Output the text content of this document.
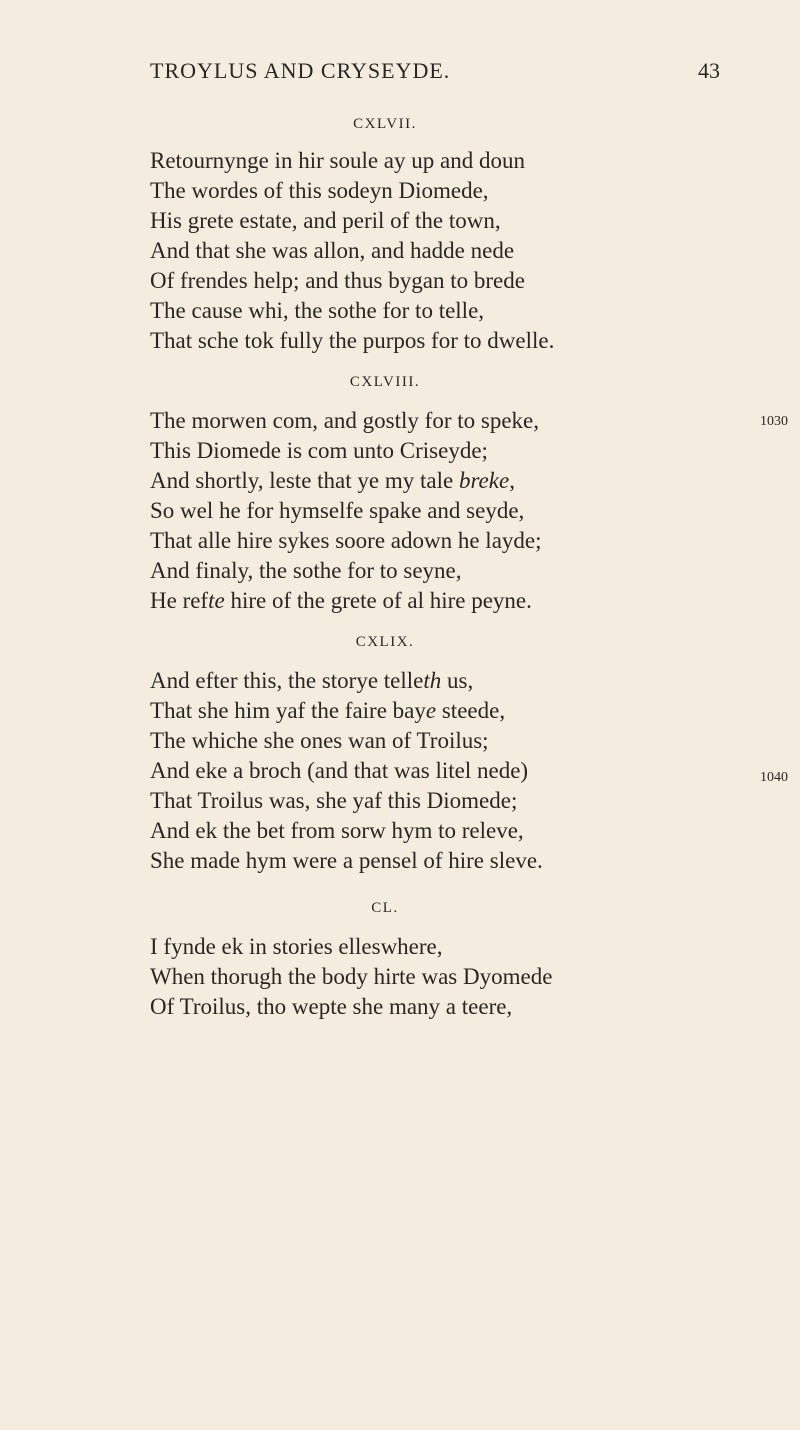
TROYLUS AND CRYSEYDE.	43
CXLVII.
Retournynge in hir soule ay up and doun
The wordes of this sodeyn Diomede,
His grete estate, and peril of the town,
And that she was allon, and hadde nede
Of frendes help; and thus bygan to brede
The cause whi, the sothe for to telle,
That sche tok fully the purpos for to dwelle.
CXLVIII.
The morwen com, and gostly for to speke,
This Diomede is com unto Criseyde;
And shortly, leste that ye my tale breke,
So wel he for hymselfe spake and seyde,
That alle hire sykes soore adown he layde;
And finaly, the sothe for to seyne,
He refte hire of the grete of al hire peyne.
1030
CXLIX.
And efter this, the storye telleth us,
That she him yaf the faire baye steede,
The whiche she ones wan of Troilus;
And eke a broch (and that was litel nede)
That Troilus was, she yaf this Diomede;
And ek the bet from sorw hym to releve,
She made hym were a pensel of hire sleve.
1040
CL.
I fynde ek in stories elleswhere,
When thorugh the body hirte was Dyomede
Of Troilus, tho wepte she many a teere,
